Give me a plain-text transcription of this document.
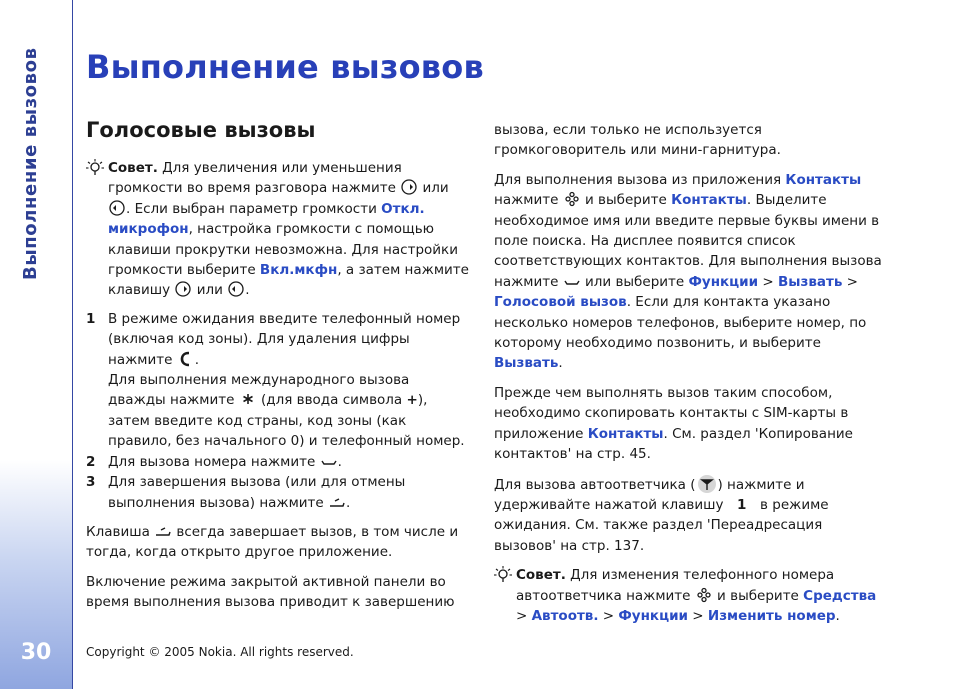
Выполнение вызовов
30
Выполнение вызовов
Голосовые вызовы
Совет. Для увеличения или уменьшения громкости во время разговора нажмите  или . Если выбран параметр громкости Откл. микрофон, настройка громкости с помощью клавиши прокрутки невозможна. Для настройки громкости выберите Вкл.мкфн, а затем нажмите клавишу  или .
1 В режиме ожидания введите телефонный номер (включая код зоны). Для удаления цифры нажмите .
Для выполнения международного вызова дважды нажмите  (для ввода символа +), затем введите код страны, код зоны (как правило, без начального 0) и телефонный номер.
2 Для вызова номера нажмите .
3 Для завершения вызова (или для отмены выполнения вызова) нажмите .

Клавиша  всегда завершает вызов, в том числе и тогда, когда открыто другое приложение.

Включение режима закрытой активной панели во время выполнения вызова приводит к завершению

вызова, если только не используется громкоговоритель или мини-гарнитура.

Для выполнения вызова из приложения Контакты нажмите  и выберите Контакты. Выделите необходимое имя или введите первые буквы имени в поле поиска. На дисплее появится список соответствующих контактов. Для выполнения вызова нажмите  или выберите Функции > Вызвать > Голосовой вызов. Если для контакта указано несколько номеров телефонов, выберите номер, по которому необходимо позвонить, и выберите Вызвать.

Прежде чем выполнять вызов таким способом, необходимо скопировать контакты с SIM-карты в приложение Контакты. См. раздел 'Копирование контактов' на стр. 45.

Для вызова автоответчика ( ) нажмите и удерживайте нажатой клавишу 1 в режиме ожидания. См. также раздел 'Переадресация вызовов' на стр. 137.

Совет. Для изменения телефонного номера автоответчика нажмите  и выберите Средства > Автоотв. > Функции > Изменить номер.
Copyright © 2005 Nokia. All rights reserved.
